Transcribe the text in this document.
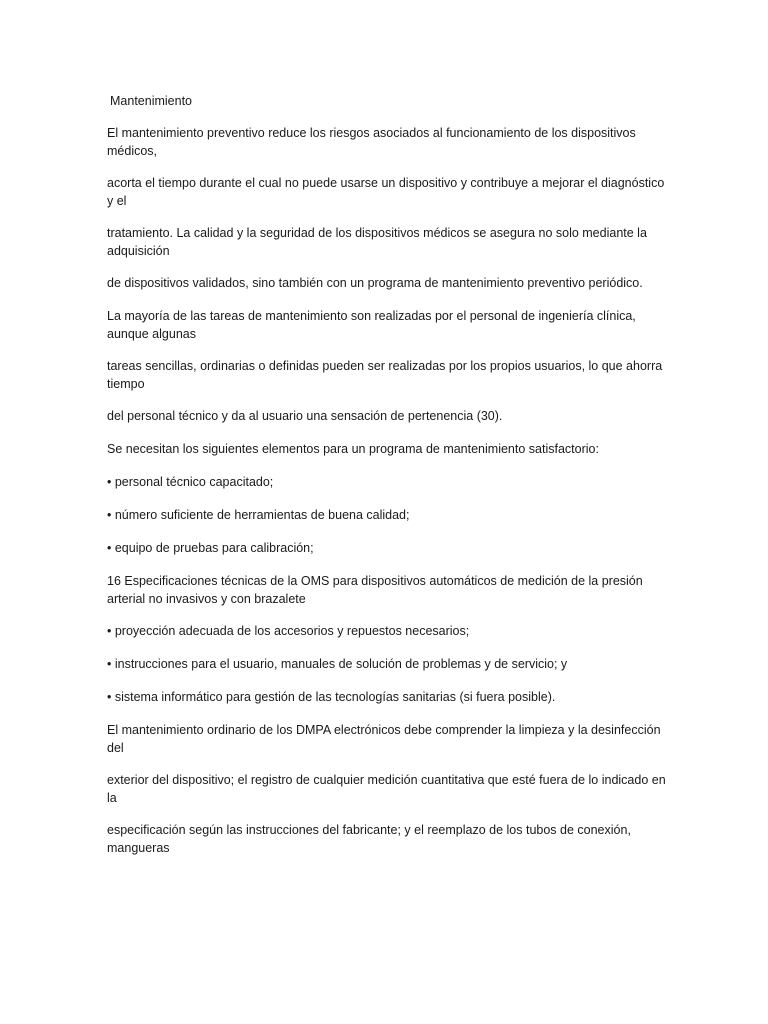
Mantenimiento

El mantenimiento preventivo reduce los riesgos asociados al funcionamiento de los dispositivos médicos,

acorta el tiempo durante el cual no puede usarse un dispositivo y contribuye a mejorar el diagnóstico y el

tratamiento. La calidad y la seguridad de los dispositivos médicos se asegura no solo mediante la adquisición

de dispositivos validados, sino también con un programa de mantenimiento preventivo periódico.

La mayoría de las tareas de mantenimiento son realizadas por el personal de ingeniería clínica, aunque algunas

tareas sencillas, ordinarias o definidas pueden ser realizadas por los propios usuarios, lo que ahorra tiempo

del personal técnico y da al usuario una sensación de pertenencia (30).

Se necesitan los siguientes elementos para un programa de mantenimiento satisfactorio:

• personal técnico capacitado;

• número suficiente de herramientas de buena calidad;

• equipo de pruebas para calibración;

16 Especificaciones técnicas de la OMS para dispositivos automáticos de medición de la presión arterial no invasivos y con brazalete

• proyección adecuada de los accesorios y repuestos necesarios;

• instrucciones para el usuario, manuales de solución de problemas y de servicio; y

• sistema informático para gestión de las tecnologías sanitarias (si fuera posible).

El mantenimiento ordinario de los DMPA electrónicos debe comprender la limpieza y la desinfección del

exterior del dispositivo; el registro de cualquier medición cuantitativa que esté fuera de lo indicado en la

especificación según las instrucciones del fabricante; y el reemplazo de los tubos de conexión, mangueras
